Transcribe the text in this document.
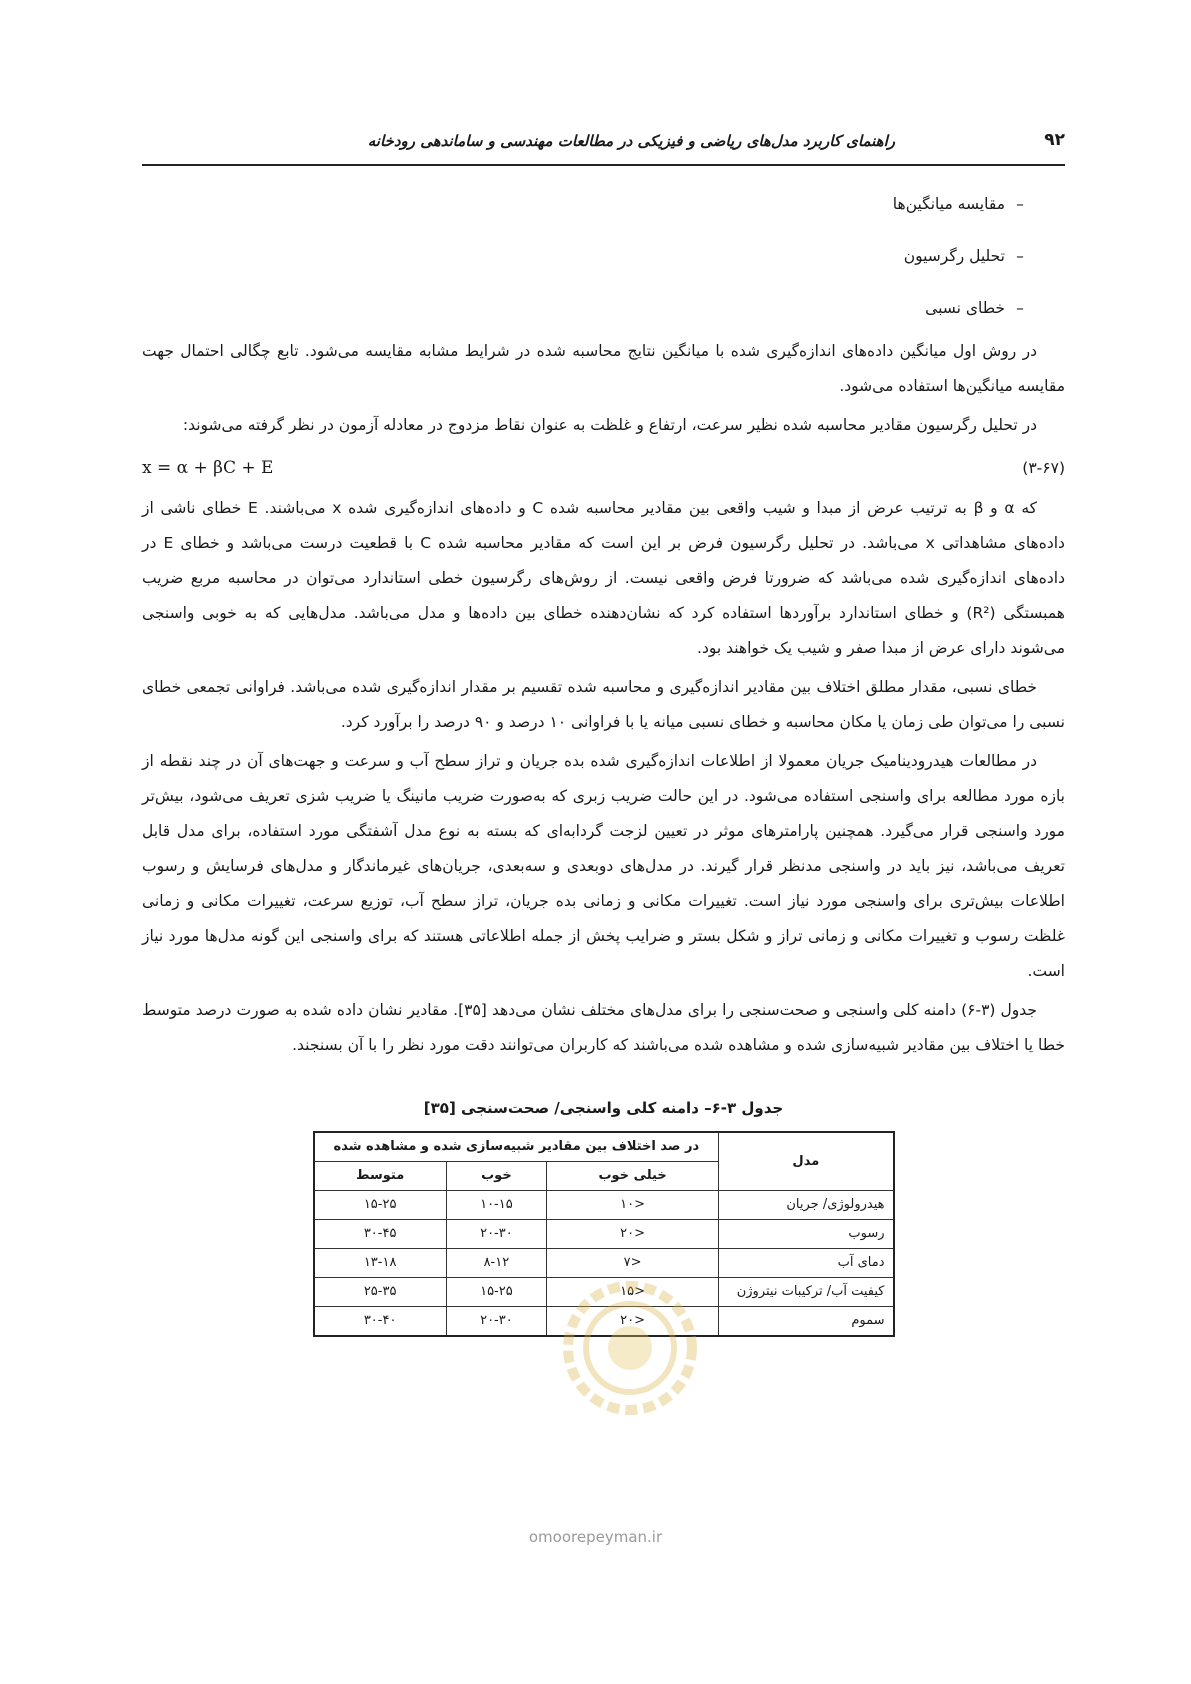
۹۲
راهنمای کاربرد مدل‌های ریاضی و فیزیکی در مطالعات مهندسی و ساماندهی رودخانه
–مقایسه میانگین‌ها
–تحلیل رگرسیون
–خطای نسبی

در روش اول میانگین داده‌های اندازه‌گیری شده با میانگین نتایج محاسبه شده در شرایط مشابه مقایسه می‌شود. تابع چگالی احتمال جهت مقایسه میانگین‌ها استفاده می‌شود.

در تحلیل رگرسیون مقادیر محاسبه شده نظیر سرعت، ارتفاع و غلظت به عنوان نقاط مزدوج در معادله آزمون در نظر گرفته می‌شوند:

x = α + βC + E	(۳-۶۷)

که α و β به ترتیب عرض از مبدا و شیب واقعی بین مقادیر محاسبه شده C و داده‌های اندازه‌گیری شده x می‌باشند. E خطای ناشی از داده‌های مشاهداتی x می‌باشد. در تحلیل رگرسیون فرض بر این است که مقادیر محاسبه شده C با قطعیت درست می‌باشد و خطای E در داده‌های اندازه‌گیری شده می‌باشد که ضرورتا فرض واقعی نیست. از روش‌های رگرسیون خطی استاندارد می‌توان در محاسبه مربع ضریب همبستگی (R²) و خطای استاندارد برآوردها استفاده کرد که نشان‌دهنده خطای بین داده‌ها و مدل می‌باشد. مدل‌هایی که به خوبی واسنجی می‌شوند دارای عرض از مبدا صفر و شیب یک خواهند بود.

خطای نسبی، مقدار مطلق اختلاف بین مقادیر اندازه‌گیری و محاسبه شده تقسیم بر مقدار اندازه‌گیری شده می‌باشد. فراوانی تجمعی خطای نسبی را می‌توان طی زمان یا مکان محاسبه و خطای نسبی میانه یا با فراوانی ۱۰ درصد و ۹۰ درصد را برآورد کرد.

در مطالعات هیدرودینامیک جریان معمولا از اطلاعات اندازه‌گیری شده بده جریان و تراز سطح آب و سرعت و جهت‌های آن در چند نقطه از بازه مورد مطالعه برای واسنجی استفاده می‌شود. در این حالت ضریب زبری که به‌صورت ضریب مانینگ یا ضریب شزی تعریف می‌شود، بیش‌تر مورد واسنجی قرار می‌گیرد. همچنین پارامترهای موثر در تعیین لزجت گردابه‌ای که بسته به نوع مدل آشفتگی مورد استفاده، برای مدل قابل تعریف می‌باشد، نیز باید در واسنجی مدنظر قرار گیرند. در مدل‌های دوبعدی و سه‌بعدی، جریان‌های غیرماندگار و مدل‌های فرسایش و رسوب اطلاعات بیش‌تری برای واسنجی مورد نیاز است. تغییرات مکانی و زمانی بده جریان، تراز سطح آب، توزیع سرعت، تغییرات مکانی و زمانی غلظت رسوب و تغییرات مکانی و زمانی تراز و شکل بستر و ضرایب پخش از جمله اطلاعاتی هستند که برای واسنجی این گونه مدل‌ها مورد نیاز است.

جدول (۳-۶) دامنه کلی واسنجی و صحت‌سنجی را برای مدل‌های مختلف نشان می‌دهد [۳۵]. مقادیر نشان داده شده به صورت درصد متوسط خطا یا اختلاف بین مقادیر شبیه‌سازی شده و مشاهده شده می‌باشند که کاربران می‌توانند دقت مورد نظر را با آن بسنجند.

جدول ۳-۶– دامنه کلی واسنجی/ صحت‌سنجی [۳۵]
مدل	در صد اختلاف بین مقادیر شبیه‌سازی شده و مشاهده شده		
	خیلی خوب	خوب	متوسط
هیدرولوژی/ جریان	<۱۰	۱۰-۱۵	۱۵-۲۵
رسوب	<۲۰	۲۰-۳۰	۳۰-۴۵
دمای آب	<۷	۸-۱۲	۱۳-۱۸
کیفیت آب/ ترکیبات نیتروژن	<۱۵	۱۵-۲۵	۲۵-۳۵
سموم	<۲۰	۲۰-۳۰	۳۰-۴۰
omoorepeyman.ir
